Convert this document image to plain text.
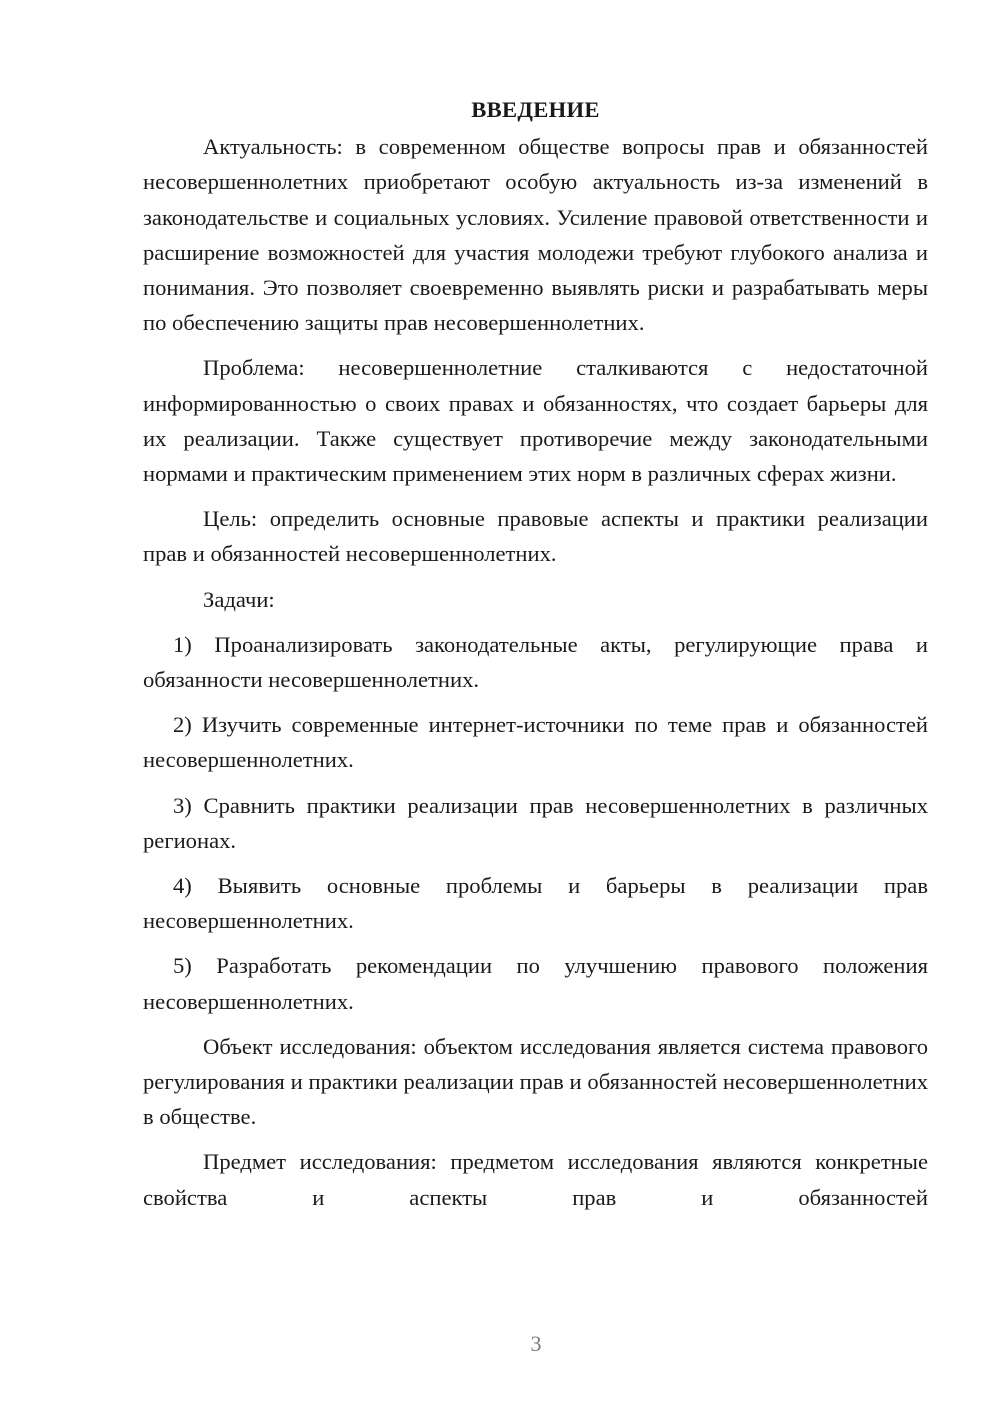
ВВЕДЕНИЕ

Актуальность: в современном обществе вопросы прав и обязанностей несовершеннолетних приобретают особую актуальность из-за изменений в законодательстве и социальных условиях. Усиление правовой ответственности и расширение возможностей для участия молодежи требуют глубокого анализа и понимания. Это позволяет своевременно выявлять риски и разрабатывать меры по обеспечению защиты прав несовершеннолетних.

Проблема: несовершеннолетние сталкиваются с недостаточной информированностью о своих правах и обязанностях, что создает барьеры для их реализации. Также существует противоречие между законодательными нормами и практическим применением этих норм в различных сферах жизни.

Цель: определить основные правовые аспекты и практики реализации прав и обязанностей несовершеннолетних.

Задачи:

1) Проанализировать законодательные акты, регулирующие права и обязанности несовершеннолетних.

2) Изучить современные интернет-источники по теме прав и обязанностей несовершеннолетних.

3) Сравнить практики реализации прав несовершеннолетних в различных регионах.

4) Выявить основные проблемы и барьеры в реализации прав несовершеннолетних.

5) Разработать рекомендации по улучшению правового положения несовершеннолетних.

Объект исследования: объектом исследования является система правового регулирования и практики реализации прав и обязанностей несовершеннолетних в обществе.

Предмет исследования: предметом исследования являются конкретные свойства и аспекты прав и обязанностей

3
